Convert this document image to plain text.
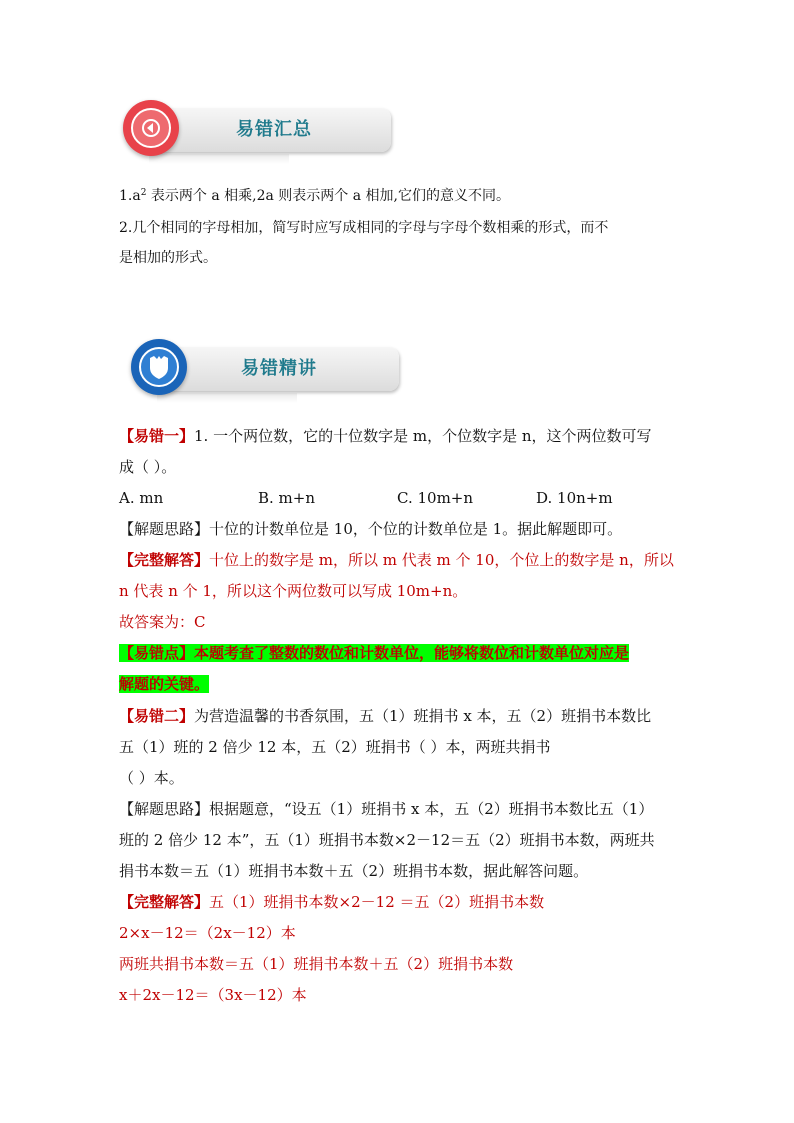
易错汇总
$1.a^2$ 表示两个 a 相乘,2a 则表示两个 a 相加,它们的意义不同。
2.几个相同的字母相加，简写时应写成相同的字母与字母个数相乘的形式，而不
是相加的形式。
易错精讲
【易错一】1. 一个两位数，它的十位数字是 m，个位数字是 n，这个两位数可写
成（ ）。
A. mn	B. m+n	C. 10m+n	D. 10n+m
【解题思路】十位的计数单位是 10，个位的计数单位是 1。据此解题即可。
【完整解答】十位上的数字是 m，所以 m 代表 m 个 10，个位上的数字是 n，所以
n 代表 n 个 1，所以这个两位数可以写成 10m+n。
故答案为：C
【易错点】本题考查了整数的数位和计数单位，能够将数位和计数单位对应是
解题的关键。
【易错二】为营造温馨的书香氛围，五（1）班捐书 x 本，五（2）班捐书本数比
五（1）班的 2 倍少 12 本，五（2）班捐书（ ）本，两班共捐书
（ ）本。
【解题思路】根据题意，“设五（1）班捐书 x 本，五（2）班捐书本数比五（1）
班的 2 倍少 12 本”，五（1）班捐书本数×2－12＝五（2）班捐书本数，两班共
捐书本数＝五（1）班捐书本数＋五（2）班捐书本数，据此解答问题。
【完整解答】五（1）班捐书本数×2－12 ＝五（2）班捐书本数
2×x－12＝（2x－12）本
两班共捐书本数＝五（1）班捐书本数＋五（2）班捐书本数
x＋2x－12＝（3x－12）本
